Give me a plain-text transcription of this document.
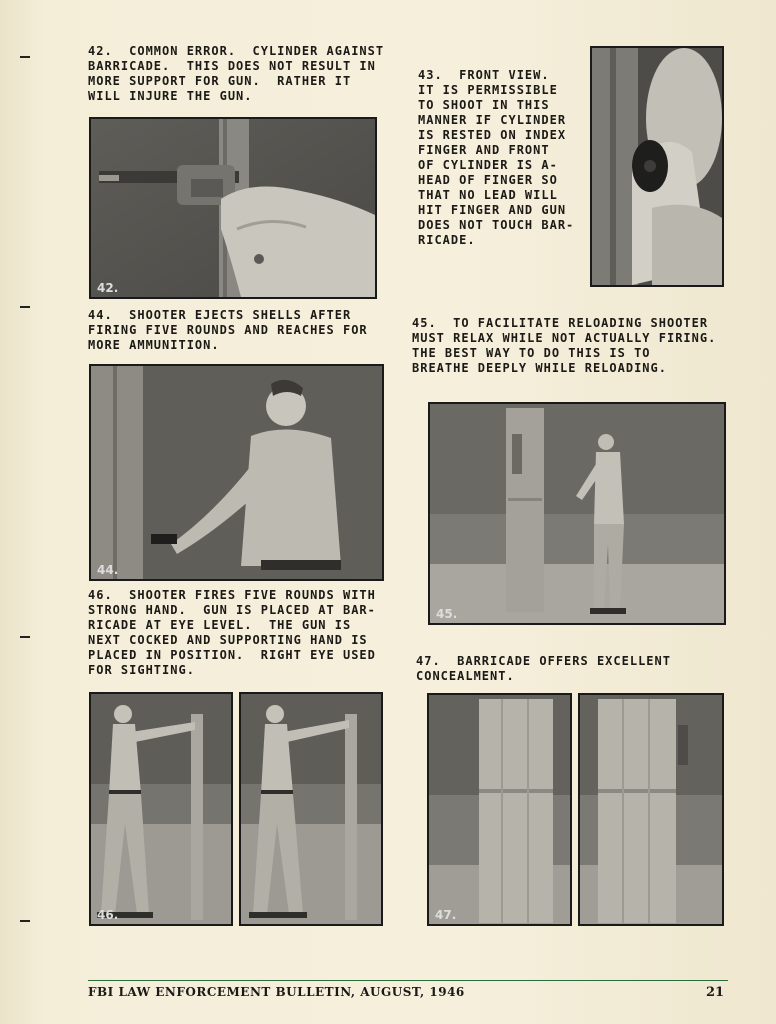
42.  COMMON ERROR.  CYLINDER AGAINST
BARRICADE.  THIS DOES NOT RESULT IN
MORE SUPPORT FOR GUN.  RATHER IT
WILL INJURE THE GUN.
42.
43.  FRONT VIEW.
IT IS PERMISSIBLE
TO SHOOT IN THIS
MANNER IF CYLINDER
IS RESTED ON INDEX
FINGER AND FRONT
OF CYLINDER IS A-
HEAD OF FINGER SO
THAT NO LEAD WILL
HIT FINGER AND GUN
DOES NOT TOUCH BAR-
RICADE.
44.  SHOOTER EJECTS SHELLS AFTER
FIRING FIVE ROUNDS AND REACHES FOR
MORE AMMUNITION.
44.
45.  TO FACILITATE RELOADING SHOOTER
MUST RELAX WHILE NOT ACTUALLY FIRING.
THE BEST WAY TO DO THIS IS TO
BREATHE DEEPLY WHILE RELOADING.
45.
46.  SHOOTER FIRES FIVE ROUNDS WITH
STRONG HAND.  GUN IS PLACED AT BAR-
RICADE AT EYE LEVEL.  THE GUN IS
NEXT COCKED AND SUPPORTING HAND IS
PLACED IN POSITION.  RIGHT EYE USED
FOR SIGHTING.
46.
47.  BARRICADE OFFERS EXCELLENT
CONCEALMENT.
47.
FBI LAW ENFORCEMENT BULLETIN, AUGUST, 1946	21
